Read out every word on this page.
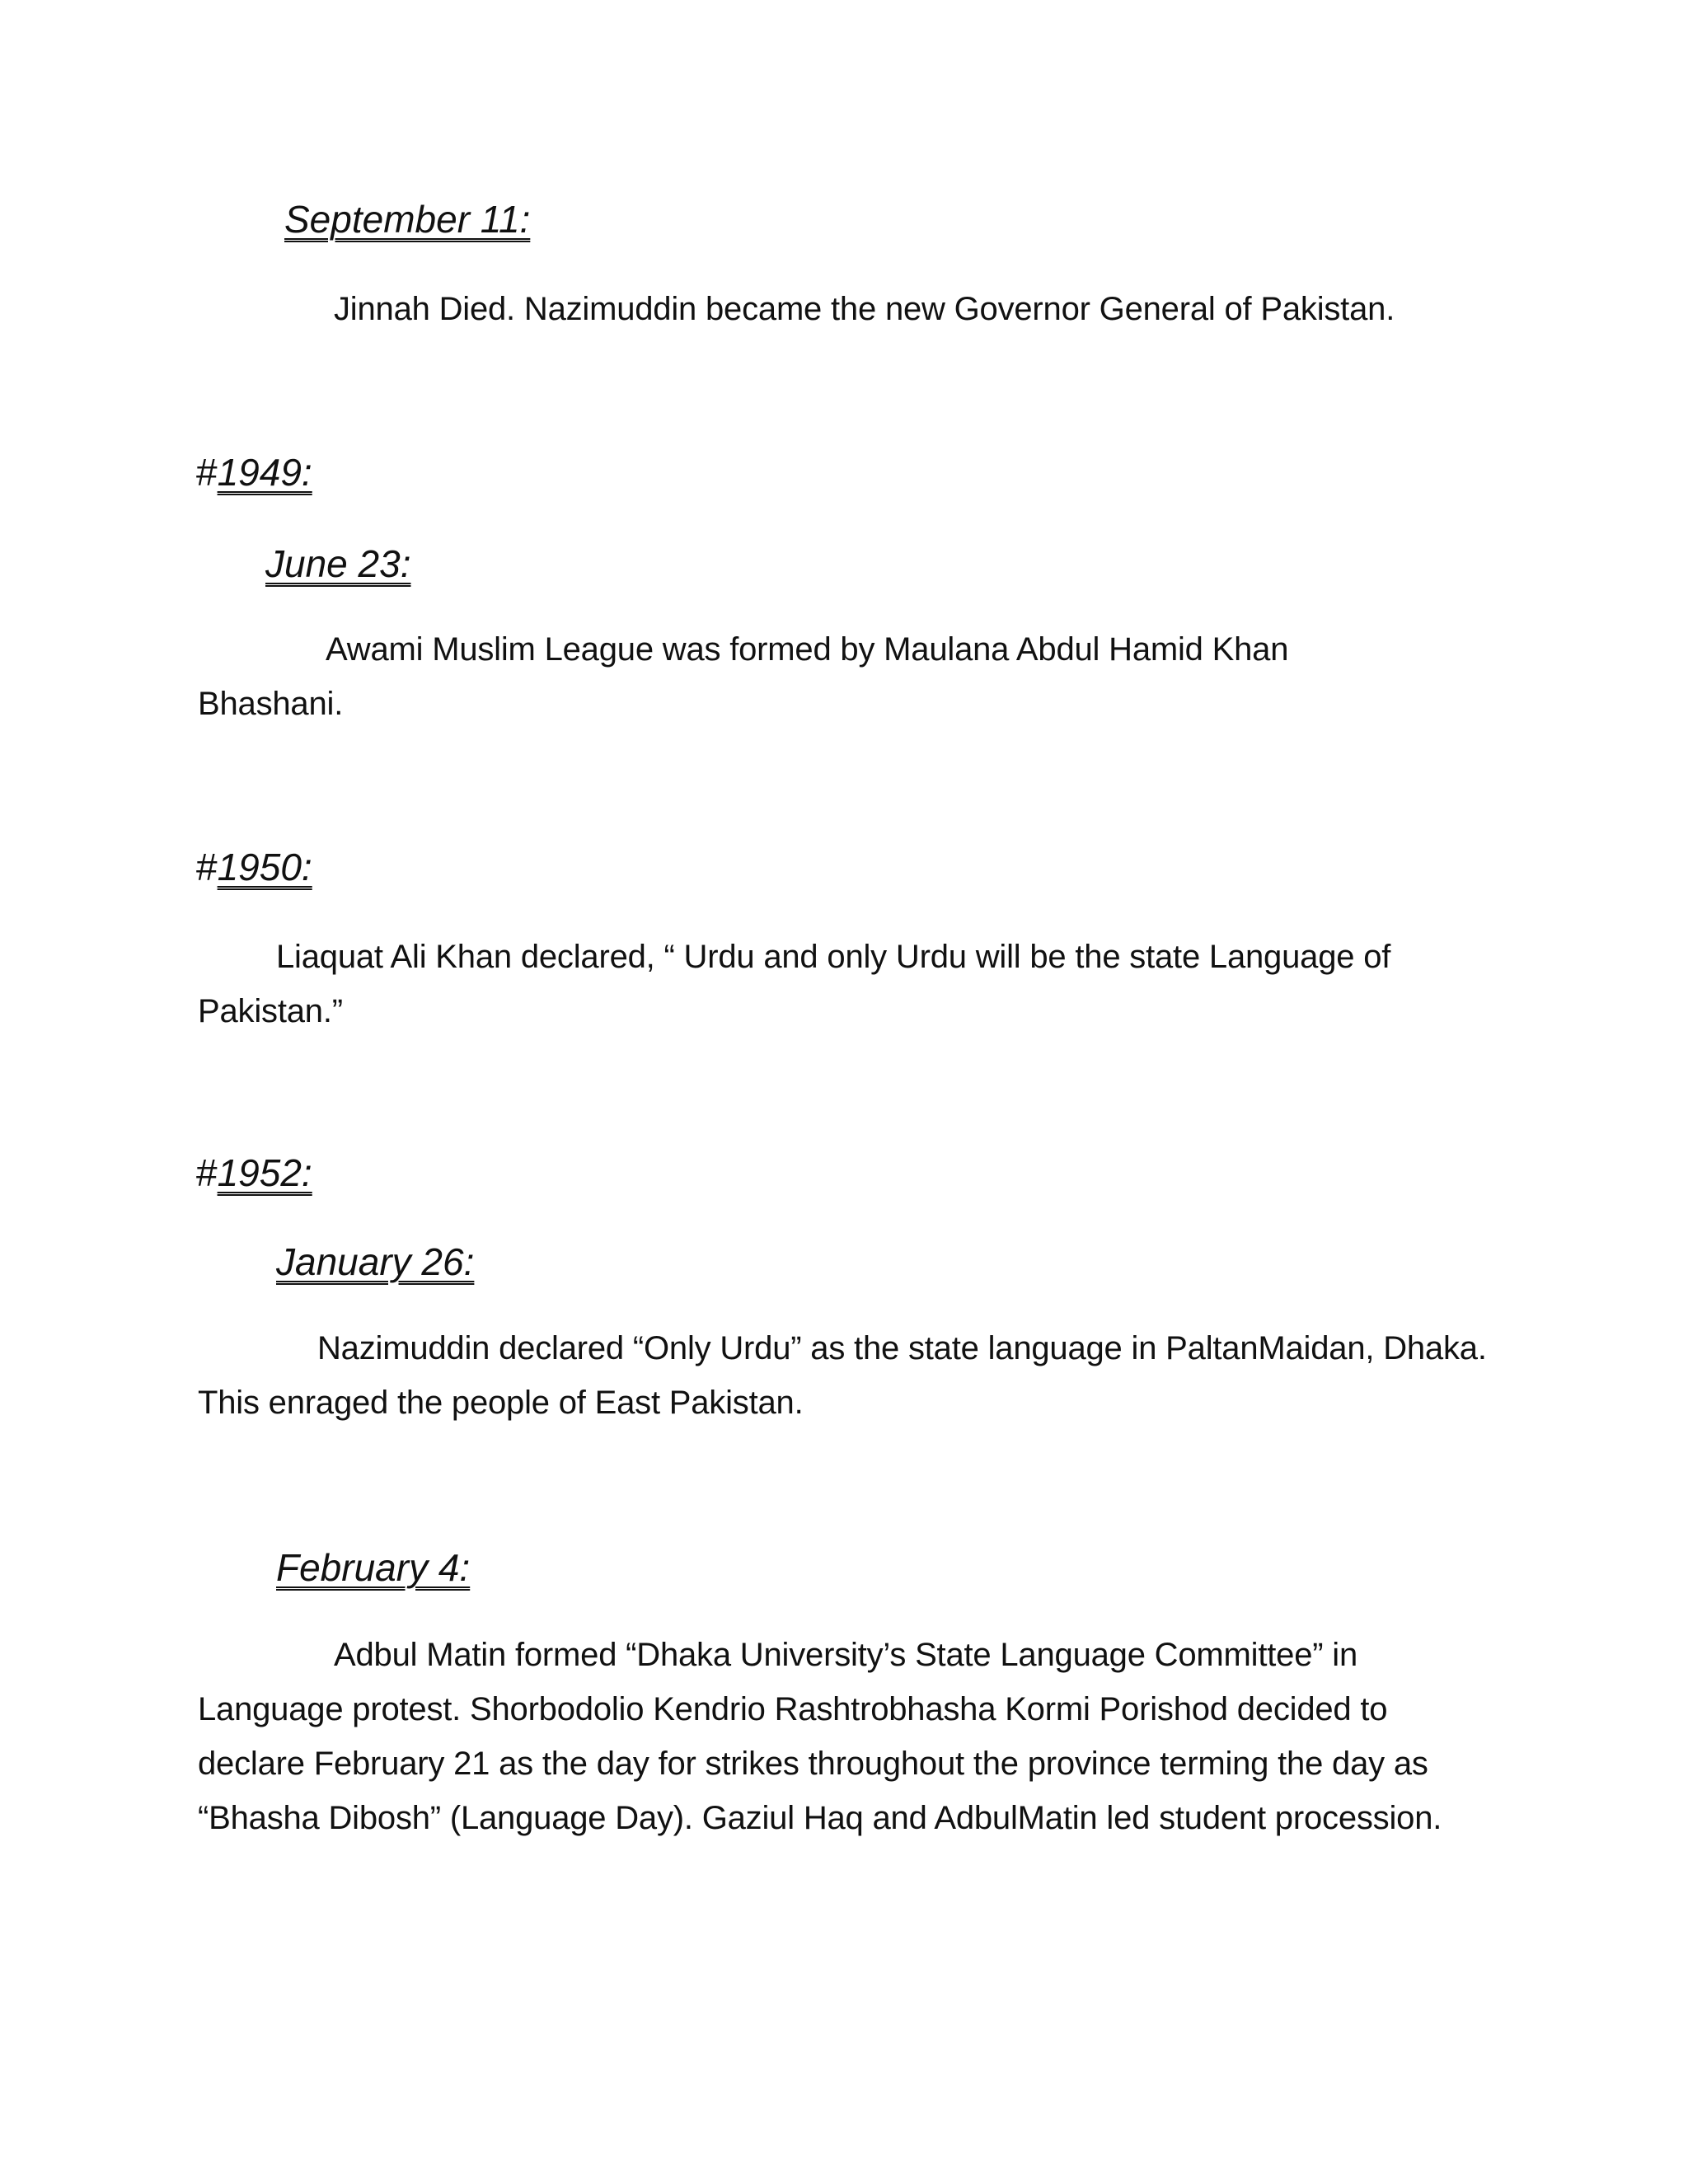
September 11:

Jinnah Died. Nazimuddin became the new Governor General of Pakistan.

#1949:
June 23:

Awami Muslim League was formed by Maulana Abdul Hamid Khan Bhashani.

#1950:

Liaquat Ali Khan declared, “ Urdu and only Urdu will be the state Language of Pakistan.”

#1952:
January 26:

Nazimuddin declared “Only Urdu” as the state language in PaltanMaidan, Dhaka. This enraged the people of East Pakistan.

February 4:

Adbul Matin formed “Dhaka University’s State Language Committee” in Language protest. Shorbodolio Kendrio Rashtrobhasha Kormi Porishod decided to declare February 21 as the day for strikes throughout the province terming the day as “Bhasha Dibosh” (Language Day). Gaziul Haq and AdbulMatin led student procession.
